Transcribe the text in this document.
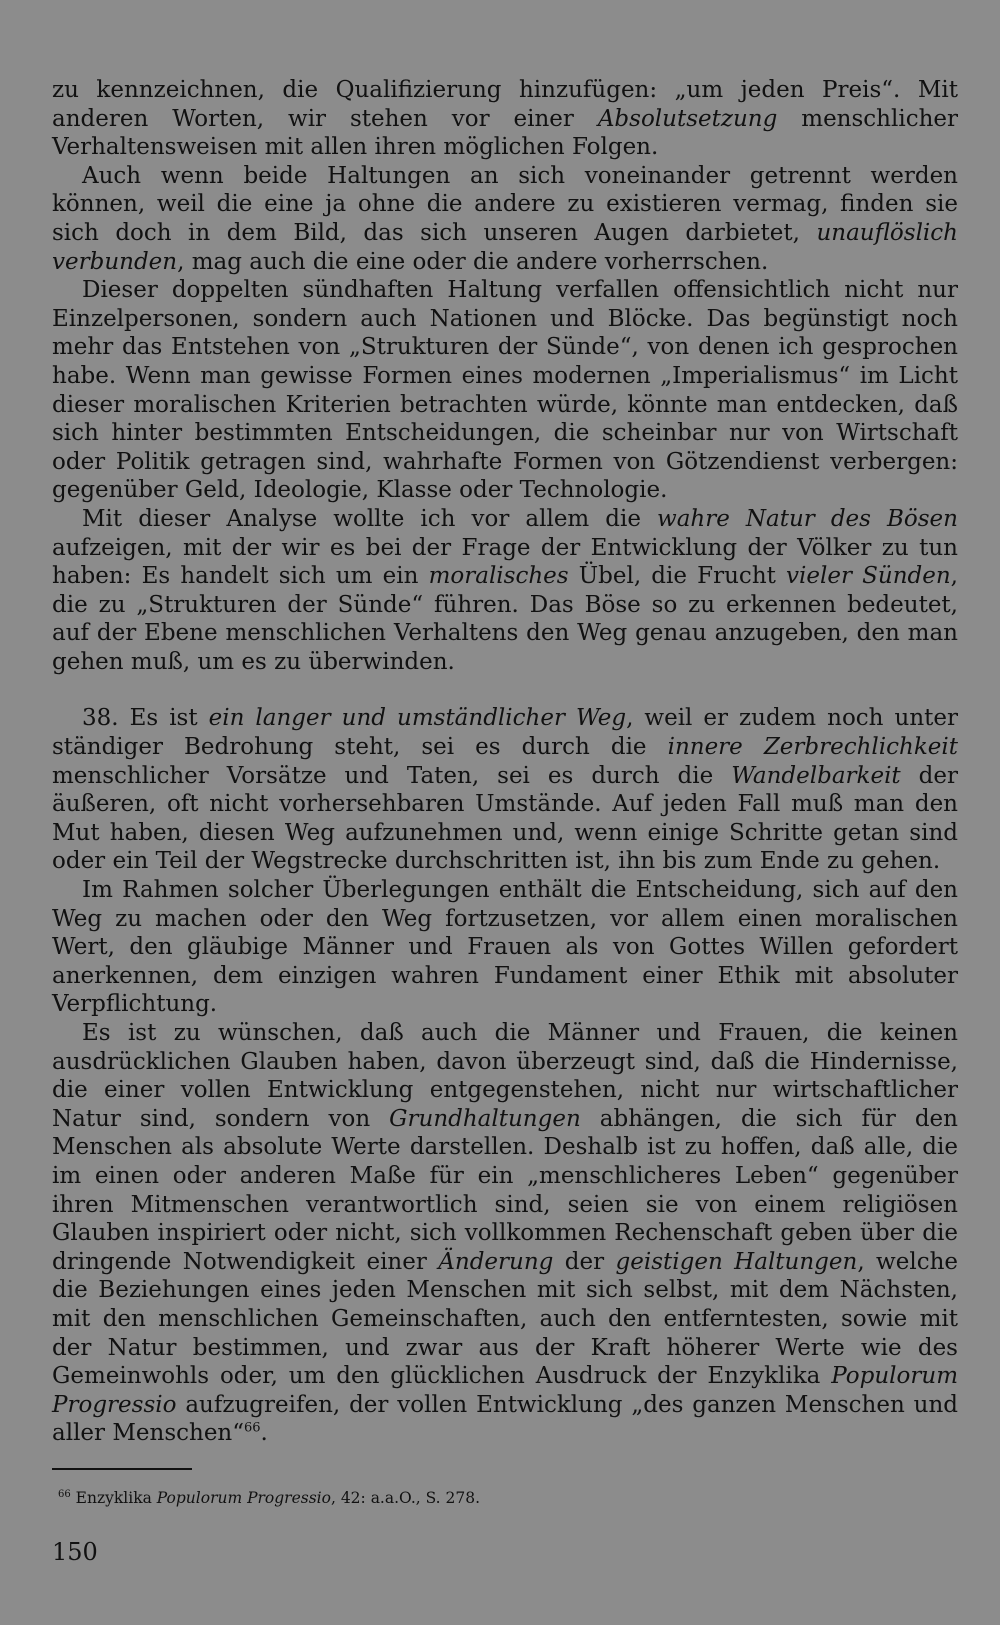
zu kennzeichnen, die Qualifizierung hinzufügen: „um jeden Preis“. Mit anderen Worten, wir stehen vor einer Absolutsetzung menschlicher Verhaltensweisen mit allen ihren möglichen Folgen.

Auch wenn beide Haltungen an sich voneinander getrennt werden können, weil die eine ja ohne die andere zu existieren vermag, finden sie sich doch in dem Bild, das sich unseren Augen darbietet, unauflöslich verbunden, mag auch die eine oder die andere vorherrschen.

Dieser doppelten sündhaften Haltung verfallen offensichtlich nicht nur Einzelpersonen, sondern auch Nationen und Blöcke. Das begünstigt noch mehr das Entstehen von „Strukturen der Sünde“, von denen ich gesprochen habe. Wenn man gewisse Formen eines modernen „Imperialismus“ im Licht dieser moralischen Kriterien betrachten würde, könnte man entdecken, daß sich hinter bestimmten Entscheidungen, die scheinbar nur von Wirtschaft oder Politik getragen sind, wahrhafte Formen von Götzendienst verbergen: gegenüber Geld, Ideologie, Klasse oder Technologie.

Mit dieser Analyse wollte ich vor allem die wahre Natur des Bösen aufzeigen, mit der wir es bei der Frage der Entwicklung der Völker zu tun haben: Es handelt sich um ein moralisches Übel, die Frucht vieler Sünden, die zu „Strukturen der Sünde“ führen. Das Böse so zu erkennen bedeutet, auf der Ebene menschlichen Verhaltens den Weg genau anzugeben, den man gehen muß, um es zu überwinden.

38. Es ist ein langer und umständlicher Weg, weil er zudem noch unter ständiger Bedrohung steht, sei es durch die innere Zerbrechlichkeit menschlicher Vorsätze und Taten, sei es durch die Wandelbarkeit der äußeren, oft nicht vorhersehbaren Umstände. Auf jeden Fall muß man den Mut haben, diesen Weg aufzunehmen und, wenn einige Schritte getan sind oder ein Teil der Wegstrecke durchschritten ist, ihn bis zum Ende zu gehen.

Im Rahmen solcher Überlegungen enthält die Entscheidung, sich auf den Weg zu machen oder den Weg fortzusetzen, vor allem einen moralischen Wert, den gläubige Männer und Frauen als von Gottes Willen gefordert anerkennen, dem einzigen wahren Fundament einer Ethik mit absoluter Verpflichtung.

Es ist zu wünschen, daß auch die Männer und Frauen, die keinen ausdrücklichen Glauben haben, davon überzeugt sind, daß die Hindernisse, die einer vollen Entwicklung entgegenstehen, nicht nur wirtschaftlicher Natur sind, sondern von Grundhaltungen abhängen, die sich für den Menschen als absolute Werte darstellen. Deshalb ist zu hoffen, daß alle, die im einen oder anderen Maße für ein „menschlicheres Leben“ gegenüber ihren Mitmenschen verantwortlich sind, seien sie von einem religiösen Glauben inspiriert oder nicht, sich vollkommen Rechenschaft geben über die dringende Notwendigkeit einer Änderung der geistigen Haltungen, welche die Beziehungen eines jeden Menschen mit sich selbst, mit dem Nächsten, mit den menschlichen Gemeinschaften, auch den entferntesten, sowie mit der Natur bestimmen, und zwar aus der Kraft höherer Werte wie des Gemeinwohls oder, um den glücklichen Ausdruck der Enzyklika Populorum Progressio aufzugreifen, der vollen Entwicklung „des ganzen Menschen und aller Menschen“$^{66}$.

$^{66}$ Enzyklika Populorum Progressio, 42: a.a.O., S. 278.
150
